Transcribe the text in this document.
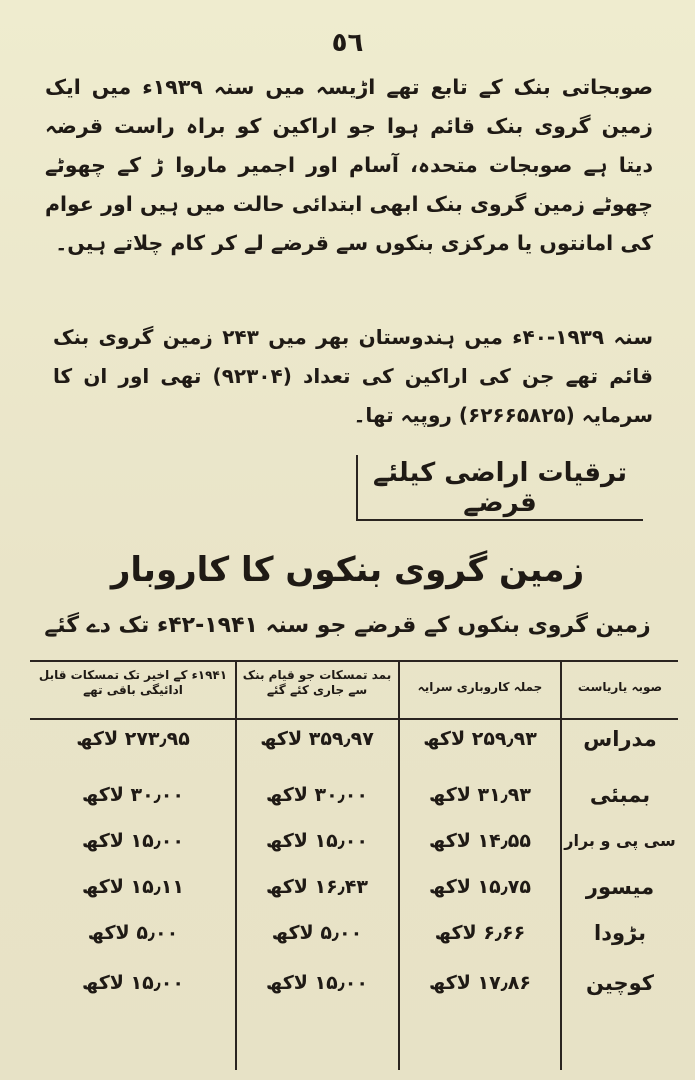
٥٦
صوبجاتی بنک کے تابع تھے اڑیسہ میں سنہ ۱۹۳۹ء میں ایک زمین گروی بنک قائم ہوا جو اراکین کو براہ راست قرضہ دیتا ہے صوبجات متحدہ، آسام اور اجمیر ماروا ڑ کے چھوٹے چھوٹے زمین گروی بنک ابھی ابتدائی حالت میں ہیں اور عوام کی امانتوں یا مرکزی بنکوں سے قرضے لے کر کام چلاتے ہیں۔
سنہ ۱۹۳۹-۴۰ء میں ہندوستان بھر میں ۲۴۳ زمین گروی بنک قائم تھے جن کی اراکین کی تعداد (۹۲۳۰۴) تھی اور ان کا سرمایہ (۶۲۶۶۵۸۲۵) روپیہ تھا۔
ترقیات اراضی کیلئے قرضے
زمین گروی بنکوں کا کاروبار
زمین گروی بنکوں کے قرضے جو سنہ ۱۹۴۱-۴۲ء تک دے گئے
صوبہ یاریاست
جملہ کاروباری سرایہ
بمد تمسکات جو قیام بنک سے جاری کئے گئے
۱۹۴۱ء کے اخیر تک تمسکات قابل ادائیگی باقی تھے
مدراس
۲۵۹٫۹۳ لاکھ
۳۵۹٫۹۷ لاکھ
۲۷۳٫۹۵ لاکھ
بمبئی
۳۱٫۹۳ لاکھ
۳۰٫۰۰ لاکھ
۳۰٫۰۰ لاکھ
سی پی و برار
۱۴٫۵۵ لاکھ
۱۵٫۰۰ لاکھ
۱۵٫۰۰ لاکھ
میسور
۱۵٫۷۵ لاکھ
۱۶٫۴۳ لاکھ
۱۵٫۱۱ لاکھ
بڑودا
۶٫۶۶ لاکھ
۵٫۰۰ لاکھ
۵٫۰۰ لاکھ
کوچین
۱۷٫۸۶ لاکھ
۱۵٫۰۰ لاکھ
۱۵٫۰۰ لاکھ
